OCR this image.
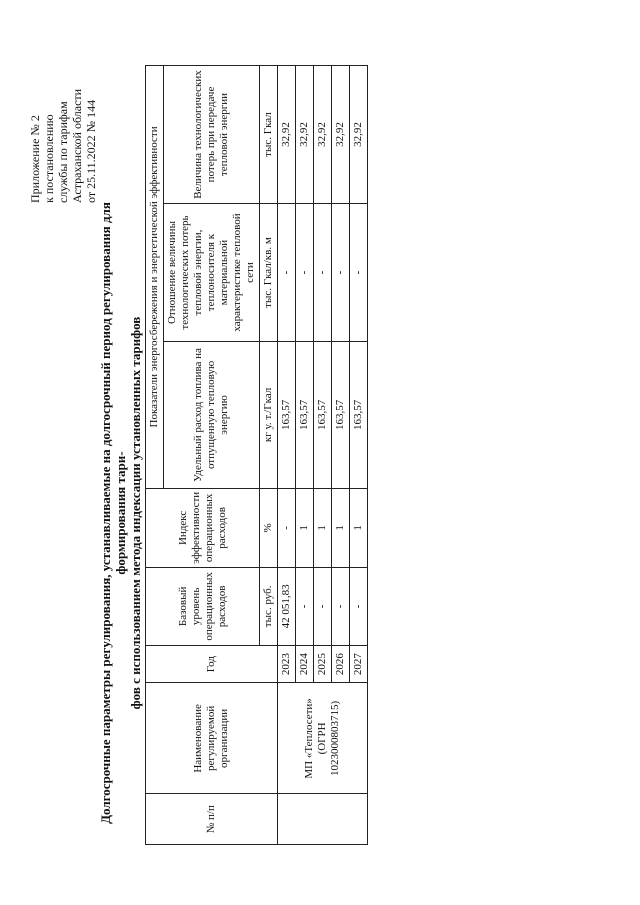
Приложение № 2 к постановлению службы по тарифам Астраханской области от 25.11.2022 № 144
Долгосрочные параметры регулирования, устанавливаемые на долгосрочный период регулирования для формирования тари- фов с использованием метода индексации установленных тарифов
№ п/п	Наименование регулируемой организации	Год	Базовый уровень операционных расходов	Индекс эффективности операционных расходов	Показатели энергосбережения и энергетической эффективности		
					Удельный расход топлива на отпущенную тепловую энергию	Отношение величины технологических потерь тепловой энергии, теплоносителя к материальной характеристике тепловой сети	Величина технологических потерь при передаче тепловой энергии
			тыс. руб.	%	кг у. т./Гкал	тыс. Гкал/кв. м	тыс. Гкал
	МП «Теплосети» (ОГРН 1023000803715)	2023	42 051,83	-	163,57	-	32,92
		2024	-	1	163,57	-	32,92
		2025	-	1	163,57	-	32,92
		2026	-	1	163,57	-	32,92
		2027	-	1	163,57	-	32,92
